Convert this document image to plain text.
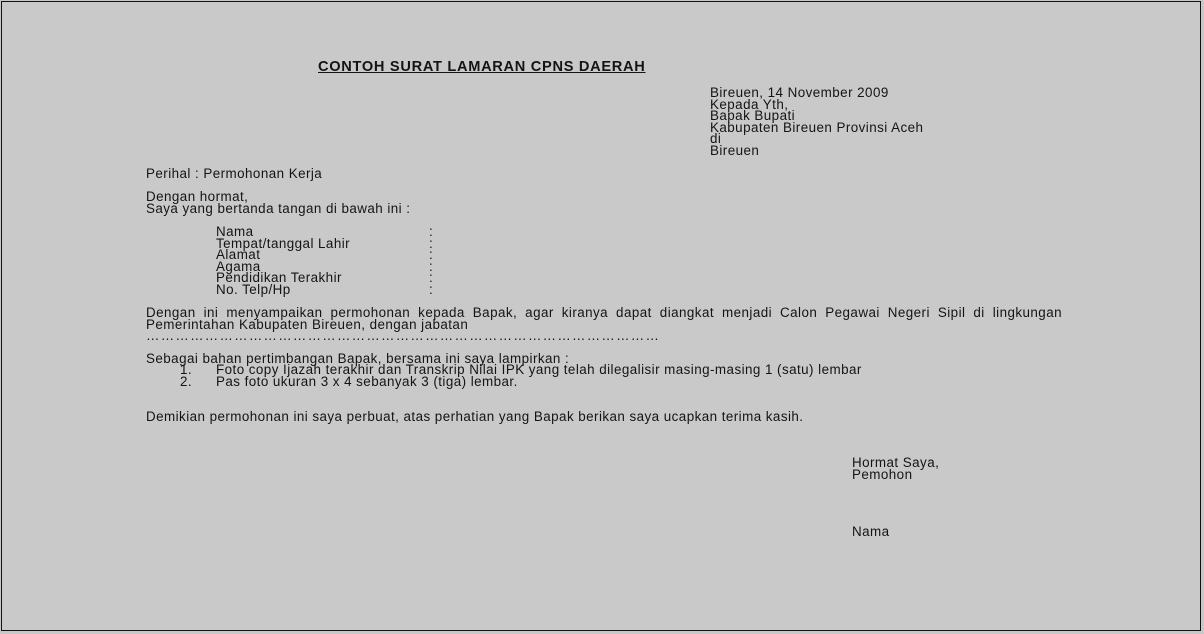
CONTOH SURAT LAMARAN CPNS DAERAH
Bireuen, 14 November 2009
Kepada Yth,
Bapak Bupati
Kabupaten Bireuen Provinsi Aceh
di
Bireuen
Perihal : Permohonan Kerja
Dengan hormat,
Saya yang bertanda tangan di bawah ini :
Nama	:
Tempat/tanggal Lahir	:
Alamat	:
Agama	:
Pendidikan Terakhir	:
No. Telp/Hp	:
Dengan ini menyampaikan permohonan kepada Bapak, agar kiranya dapat diangkat menjadi Calon Pegawai Negeri Sipil di lingkungan Pemerintahan Kabupaten Bireuen, dengan jabatan
……………………………………………………………………………………………
Sebagai bahan pertimbangan Bapak, bersama ini saya lampirkan :
1.	Foto copy Ijazah terakhir dan Transkrip Nilai IPK yang telah dilegalisir masing-masing 1 (satu) lembar
2.	Pas foto ukuran 3 x 4 sebanyak 3 (tiga) lembar.
Demikian permohonan ini saya perbuat, atas perhatian yang Bapak berikan saya ucapkan terima kasih.
Hormat Saya,
Pemohon
Nama
